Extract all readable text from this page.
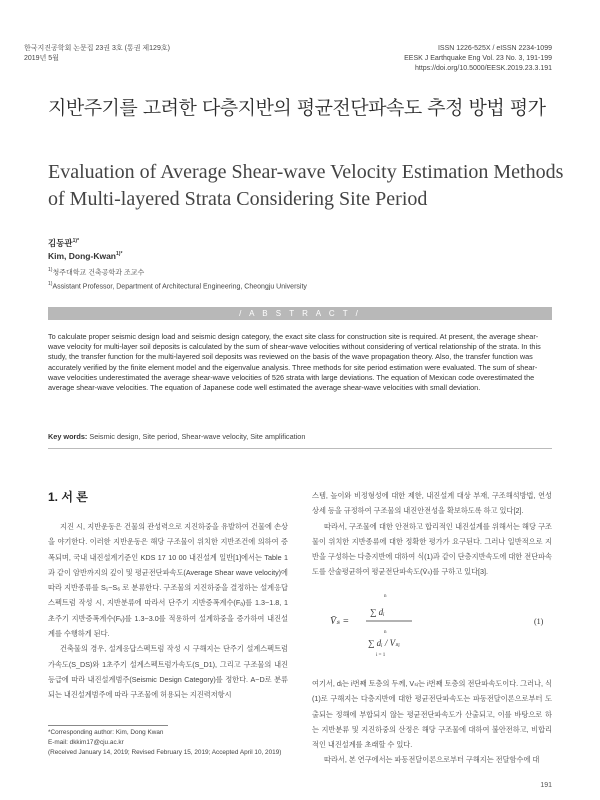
한국지진공학회 논문집 23권 3호 (통권 제129호)
2019년 5월
ISSN 1226-525X / eISSN 2234-1099
EESK J Earthquake Eng Vol. 23 No. 3, 191-199
https://doi.org/10.5000/EESK.2019.23.3.191
지반주기를 고려한 다층지반의 평균전단파속도 추정 방법 평가
Evaluation of Average Shear-wave Velocity Estimation Methods of Multi-layered Strata Considering Site Period
김동관$^{1)*}$
Kim, Dong-Kwan$^{1)*}$
$^{1)}$청주대학교 건축공학과 조교수
$^{1)}$Assistant Professor, Department of Architectural Engineering, Cheongju University
/ A B S T R A C T /
To calculate proper seismic design load and seismic design category, the exact site class for construction site is required. At present, the average shear-wave velocity for multi-layer soil deposits is calculated by the sum of shear-wave velocities without considering of vertical relationship of the strata. In this study, the transfer function for the multi-layered soil deposits was reviewed on the basis of the wave propagation theory. Also, the transfer function was accurately verified by the finite element model and the eigenvalue analysis. Three methods for site period estimation were evaluated. The sum of shear-wave velocities underestimated the average shear-wave velocities of 526 strata with large deviations. The equation of Mexican code overestimated the average shear-wave velocities. The equation of Japanese code well estimated the average shear-wave velocities with small deviation.
Key words: Seismic design, Site period, Shear-wave velocity, Site amplification
1. 서 론

지진 시, 지반운동은 건물의 관성력으로 지진하중을 유발하여 건물에 손상을 야기한다. 이러한 지반운동은 해당 구조물이 위치한 지반조건에 의하여 증폭되며, 국내 내진설계기준인 KDS 17 10 00 내진설계 일반[1]에서는 Table 1과 같이 암반까지의 깊이 및 평균전단파속도(Average Shear wave velocity)에 따라 지반종류를 S₁~S₆ 로 분류한다. 구조물의 지진하중을 결정하는 설계응답스펙트럼 작성 시, 지반분류에 따라서 단주기 지반증폭계수(Fₐ)를 1.3~1.8, 1초주기 지반증폭계수(Fᵥ)를 1.3~3.0를 적용하여 설계하중을 증가하여 내진설계를 수행하게 된다.

건축물의 경우, 설계응답스펙트럼 작성 시 구해지는 단주기 설계스펙트럼가속도(S_DS)와 1초주기 설계스펙트럼가속도(S_D1), 그리고 구조물의 내진등급에 따라 내진설계범주(Seismic Design Category)를 정한다. A~D로 분류되는 내진설계범주에 따라 구조물에 허용되는 지진력저항시

스템, 높이와 비정형성에 대한 제한, 내진설계 대상 부재, 구조해석방법, 연성상세 등을 규정하여 구조물의 내진안전성을 확보하도록 하고 있다[2].

따라서, 구조물에 대한 안전하고 합리적인 내진설계를 위해서는 해당 구조물이 위치한 지반종류에 대한 정확한 평가가 요구된다. 그러나 일반적으로 지반을 구성하는 다층지반에 대하여 식(1)과 같이 단층지반속도에 대한 전단파속도를 산술평균하여 평균전단파속도(V̄ₛ)를 구하고 있다[3].

V̄ₛ =
n
∑ dᵢ
n
∑ dᵢ / Vₛᵢ
i = 1
(1)

여기서, dᵢ는 i번째 토층의 두께, Vₛᵢ는 i번째 토층의 전단파속도이다. 그러나, 식(1)로 구해지는 다층지반에 대한 평균전단파속도는 파동전달이론으로부터 도출되는 정해에 부합되지 않는 평균전단파속도가 산출되고, 이를 바탕으로 하는 지반분류 및 지진하중의 산정은 해당 구조물에 대하여 불안전하고, 비합리적인 내진설계를 초래할 수 있다.

따라서, 본 연구에서는 파동전달이론으로부터 구해지는 전달함수에 대

*Corresponding author: Kim, Dong Kwan
E-mail: dkkim17@cju.ac.kr
(Received January 14, 2019; Revised February 15, 2019; Accepted April 10, 2019)
191
